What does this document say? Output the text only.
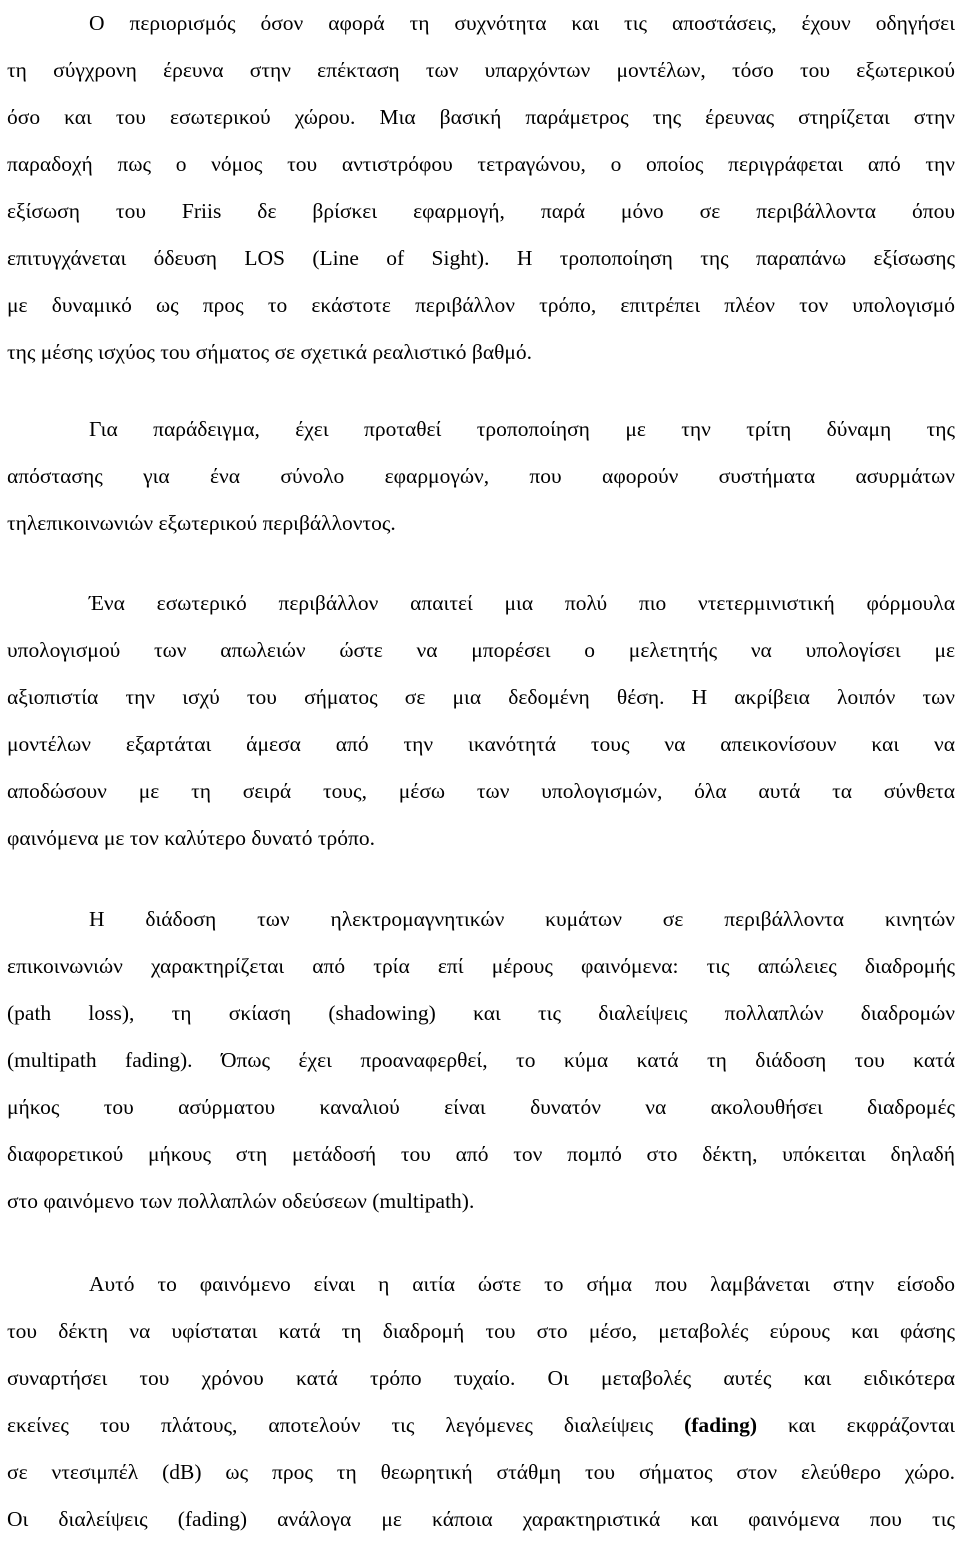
Ο περιορισμός όσον αφορά τη συχνότητα και τις αποστάσεις, έχουν οδηγήσει
τη σύγχρονη έρευνα στην επέκταση των υπαρχόντων μοντέλων, τόσο του εξωτερικού
όσο και του εσωτερικού χώρου. Μια βασική παράμετρος της έρευνας στηρίζεται στην
παραδοχή πως ο νόμος του αντιστρόφου τετραγώνου, ο οποίος περιγράφεται από την
εξίσωση του Friis δε βρίσκει εφαρμογή, παρά μόνο σε περιβάλλοντα όπου
επιτυγχάνεται όδευση LOS (Line of Sight). Η τροποποίηση της παραπάνω εξίσωσης
με δυναμικό ως προς το εκάστοτε περιβάλλον τρόπο, επιτρέπει πλέον τον υπολογισμό
της μέσης ισχύος του σήματος σε σχετικά ρεαλιστικό βαθμό.
Για παράδειγμα, έχει προταθεί τροποποίηση με την τρίτη δύναμη της
απόστασης για ένα σύνολο εφαρμογών, που αφορούν συστήματα ασυρμάτων
τηλεπικοινωνιών εξωτερικού περιβάλλοντος.
Ένα εσωτερικό περιβάλλον απαιτεί μια πολύ πιο ντετερμινιστική φόρμουλα
υπολογισμού των απωλειών ώστε να μπορέσει ο μελετητής να υπολογίσει με
αξιοπιστία την ισχύ του σήματος σε μια δεδομένη θέση. Η ακρίβεια λοιπόν των
μοντέλων εξαρτάται άμεσα από την ικανότητά τους να απεικονίσουν και να
αποδώσουν με τη σειρά τους, μέσω των υπολογισμών, όλα αυτά τα σύνθετα
φαινόμενα με τον καλύτερο δυνατό τρόπο.
Η διάδοση των ηλεκτρομαγνητικών κυμάτων σε περιβάλλοντα κινητών
επικοινωνιών χαρακτηρίζεται από τρία επί μέρους φαινόμενα: τις απώλειες διαδρομής
(path loss), τη σκίαση (shadowing) και τις διαλείψεις πολλαπλών διαδρομών
(multipath fading). Όπως έχει προαναφερθεί, το κύμα κατά τη διάδοση του κατά
μήκος του ασύρματου καναλιού είναι δυνατόν να ακολουθήσει διαδρομές
διαφορετικού μήκους στη μετάδοσή του από τον πομπό στο δέκτη, υπόκειται δηλαδή
στο φαινόμενο των πολλαπλών οδεύσεων (multipath).
Αυτό το φαινόμενο είναι η αιτία ώστε το σήμα που λαμβάνεται στην είσοδο
του δέκτη να υφίσταται κατά τη διαδρομή του στο μέσο, μεταβολές εύρους και φάσης
συναρτήσει του χρόνου κατά τρόπο τυχαίο. Οι μεταβολές αυτές και ειδικότερα
εκείνες του πλάτους, αποτελούν τις λεγόμενες διαλείψεις (fading) και εκφράζονται
σε ντεσιμπέλ (dB) ως προς τη θεωρητική στάθμη του σήματος στον ελεύθερο χώρο.
Οι διαλείψεις (fading) ανάλογα με κάποια χαρακτηριστικά και φαινόμενα που τις
